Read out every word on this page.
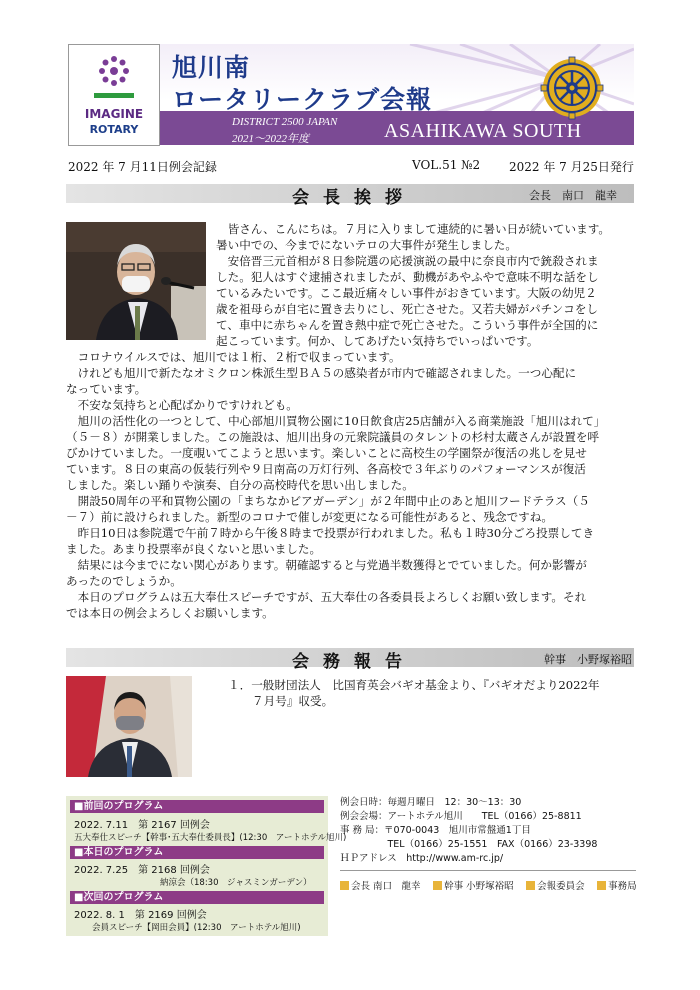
IMAGINE
ROTARY
旭川南
ロータリークラブ会報
DISTRICT 2500 JAPAN
2021～2022年度	ASAHIKAWA SOUTH
2022 年 7 月11日例会記録	VOL.51 №2 2022 年 7 月25日発行
会長挨拶	会長　南口　龍幸
　皆さん、こんにちは。７月に入りまして連続的に暑い日が続いています。
暑い中での、今までにないテロの大事件が発生しました。
　安倍晋三元首相が８日参院選の応援演説の最中に奈良市内で銃殺されま
した。犯人はすぐ逮捕されましたが、動機があやふやで意味不明な話をし
ているみたいです。ここ最近痛々しい事件がおきています。大阪の幼児２
歳を祖母らが自宅に置き去りにし、死亡させた。又若夫婦がパチンコをし
て、車中に赤ちゃんを置き熱中症で死亡させた。こういう事件が全国的に
起こっています。何か、してあげたい気持ちでいっぱいです。
　コロナウイルスでは、旭川では１桁、２桁で収まっています。
　けれども旭川で新たなオミクロン株派生型ＢＡ５の感染者が市内で確認されました。一つ心配に
なっています。
　不安な気持ちと心配ばかりですけれども。
　旭川の活性化の一つとして、中心部旭川買物公園に10日飲食店25店舗が入る商業施設「旭川はれて」
（５－８）が開業しました。この施設は、旭川出身の元衆院議員のタレントの杉村太蔵さんが設置を呼
びかけていました。一度覗いてこようと思います。楽しいことに高校生の学園祭が復活の兆しを見せ
ています。８日の東高の仮装行列や９日南高の万灯行列、各高校で３年ぶりのパフォーマンスが復活
しました。楽しい踊りや演奏、自分の高校時代を思い出しました。
　開設50周年の平和買物公園の「まちなかビアガーデン」が２年間中止のあと旭川フードテラス（５
－７）前に設けられました。新型のコロナで催しが変更になる可能性があると、残念ですね。
　昨日10日は参院選で午前７時から午後８時まで投票が行われました。私も１時30分ごろ投票してき
ました。あまり投票率が良くないと思いました。
　結果には今までにない関心があります。朝確認すると与党過半数獲得とでていました。何か影響が
あったのでしょうか。
　本日のプログラムは五大奉仕スピーチですが、五大奉仕の各委員長よろしくお願い致します。それ
では本日の例会よろしくお願いします。
会務報告	幹事　小野塚裕昭
１．一般財団法人　比国育英会バギオ基金より、『バギオだより2022年
７月号』収受。
■前回のプログラム
2022. 7.11　第 2167 回例会
五大奉仕スピーチ【幹事･五大奉仕委員長】(12:30　アートホテル旭川)
■本日のプログラム
2022. 7.25　第 2168 回例会
納涼会（18:30　ジャスミンガーデン）
■次回のプログラム
2022. 8. 1　第 2169 回例会
会員スピーチ【岡田会員】(12:30　アートホテル旭川)
例会日時：毎週月曜日　12：30～13：30
例会会場：アートホテル旭川　　TEL（0166）25-8811
事 務 局：〒070-0043　旭川市常盤通1丁目
　　　　　TEL（0166）25-1551　FAX（0166）23-3398
ＨＰアドレス　http://www.am-rc.jp/
会長 南口　龍幸 　 幹事 小野塚裕昭 　 会報委員会 　 事務局
